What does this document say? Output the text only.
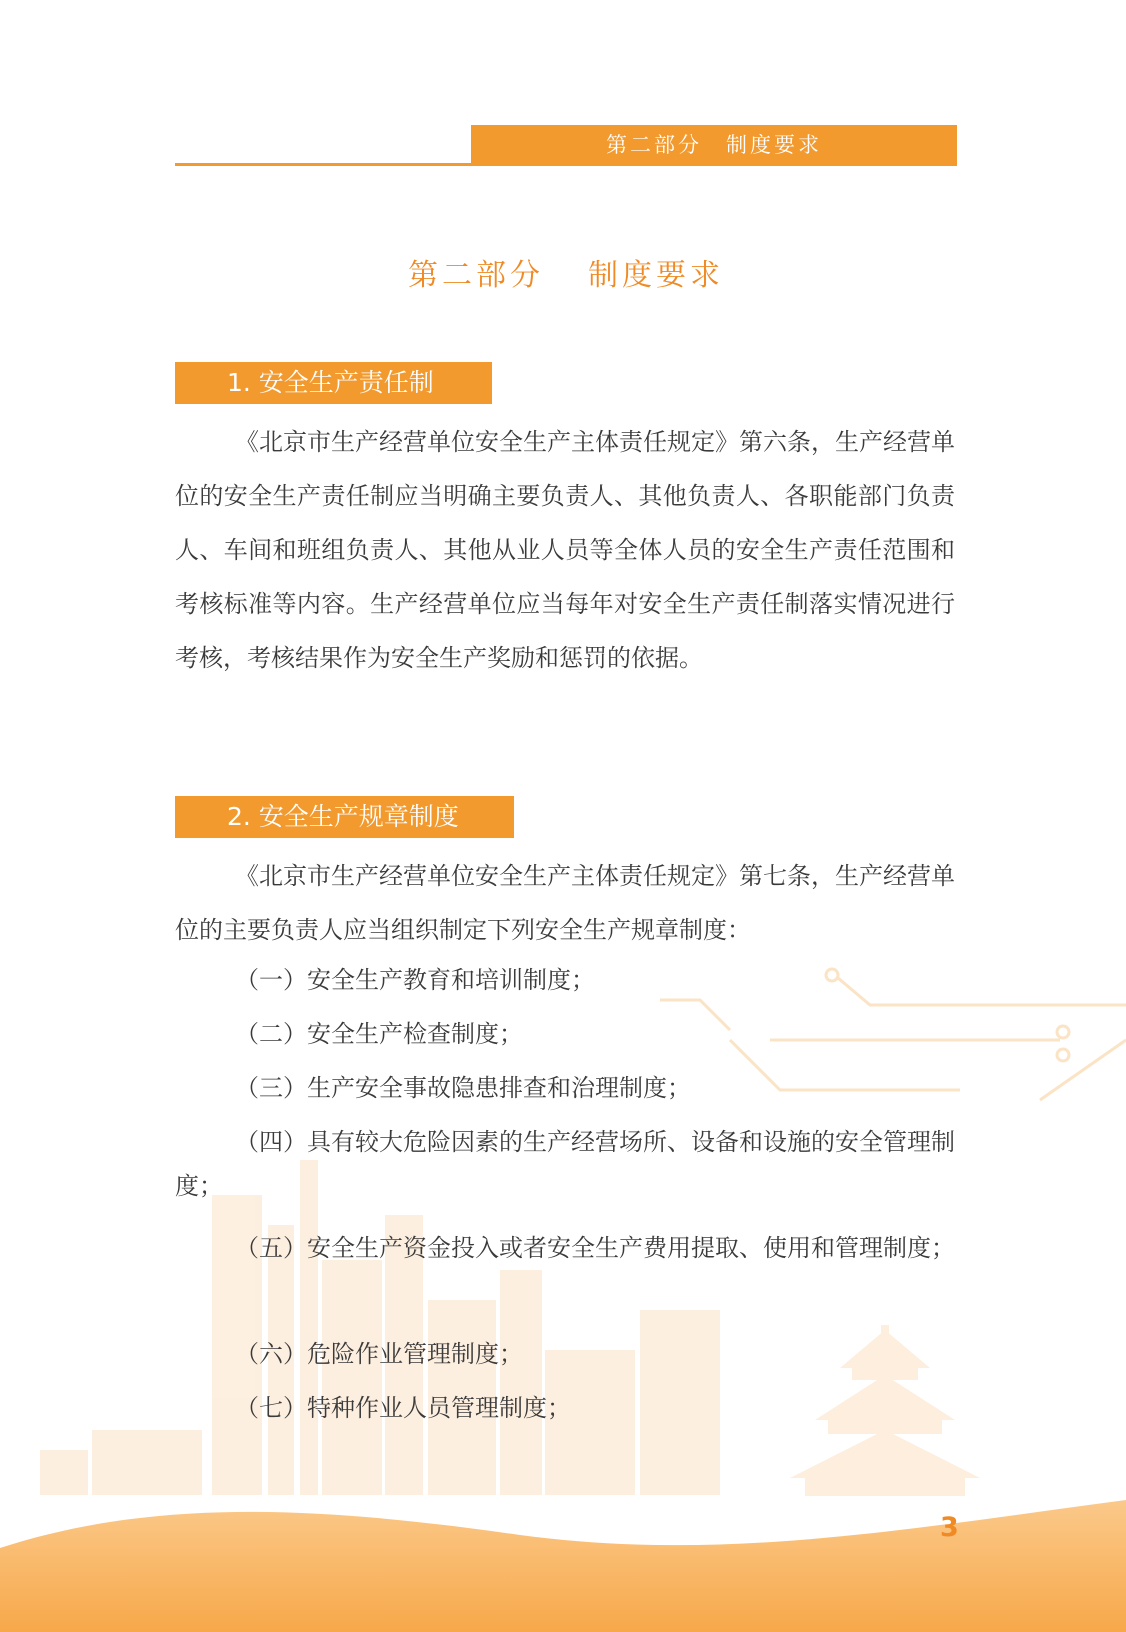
第二部分　制度要求
第二部分 制度要求
1. 安全生产责任制
《北京市生产经营单位安全生产主体责任规定》第六条，生产经营单位的安全生产责任制应当明确主要负责人、其他负责人、各职能部门负责人、车间和班组负责人、其他从业人员等全体人员的安全生产责任范围和考核标准等内容。生产经营单位应当每年对安全生产责任制落实情况进行考核，考核结果作为安全生产奖励和惩罚的依据。
2. 安全生产规章制度
《北京市生产经营单位安全生产主体责任规定》第七条，生产经营单位的主要负责人应当组织制定下列安全生产规章制度：
（一）安全生产教育和培训制度；
（二）安全生产检查制度；
（三）生产安全事故隐患排查和治理制度；
（四）具有较大危险因素的生产经营场所、设备和设施的安全管理制度；
（五）安全生产资金投入或者安全生产费用提取、使用和管理制度；
（六）危险作业管理制度；
（七）特种作业人员管理制度；
3
